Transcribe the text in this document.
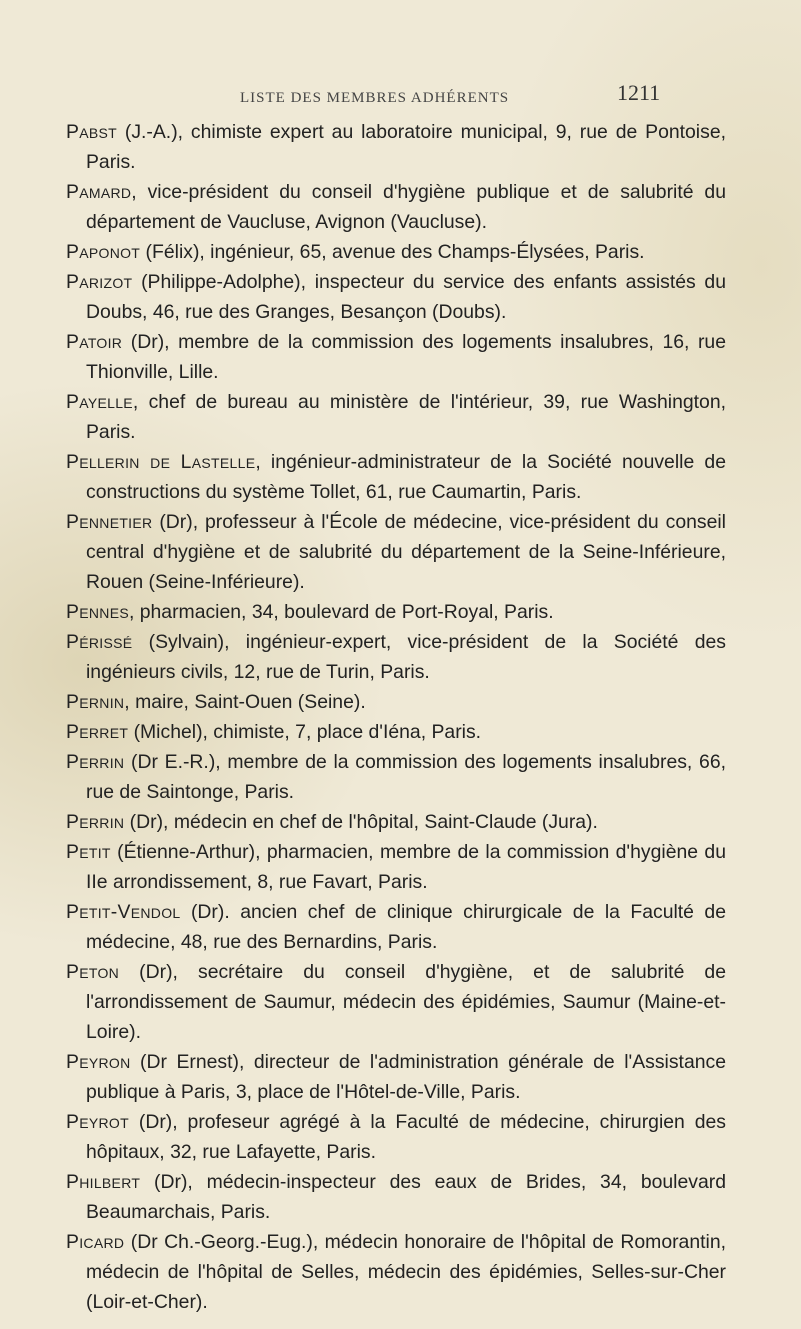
LISTE DES MEMBRES ADHÉRENTS	1211

Pabst (J.-A.), chimiste expert au laboratoire municipal, 9, rue de Pontoise, Paris.

Pamard, vice-président du conseil d'hygiène publique et de salubrité du département de Vaucluse, Avignon (Vaucluse).

Paponot (Félix), ingénieur, 65, avenue des Champs-Élysées, Paris.

Parizot (Philippe-Adolphe), inspecteur du service des enfants assistés du Doubs, 46, rue des Granges, Besançon (Doubs).

Patoir (Dr), membre de la commission des logements insalubres, 16, rue Thionville, Lille.

Payelle, chef de bureau au ministère de l'intérieur, 39, rue Washington, Paris.

Pellerin de Lastelle, ingénieur-administrateur de la Société nouvelle de constructions du système Tollet, 61, rue Caumartin, Paris.

Pennetier (Dr), professeur à l'École de médecine, vice-président du conseil central d'hygiène et de salubrité du département de la Seine-Inférieure, Rouen (Seine-Inférieure).

Pennes, pharmacien, 34, boulevard de Port-Royal, Paris.

Périssé (Sylvain), ingénieur-expert, vice-président de la Société des ingénieurs civils, 12, rue de Turin, Paris.

Pernin, maire, Saint-Ouen (Seine).

Perret (Michel), chimiste, 7, place d'Iéna, Paris.

Perrin (Dr E.-R.), membre de la commission des logements insalubres, 66, rue de Saintonge, Paris.

Perrin (Dr), médecin en chef de l'hôpital, Saint-Claude (Jura).

Petit (Étienne-Arthur), pharmacien, membre de la commission d'hygiène du IIe arrondissement, 8, rue Favart, Paris.

Petit-Vendol (Dr). ancien chef de clinique chirurgicale de la Faculté de médecine, 48, rue des Bernardins, Paris.

Peton (Dr), secrétaire du conseil d'hygiène, et de salubrité de l'arrondissement de Saumur, médecin des épidémies, Saumur (Maine-et-Loire).

Peyron (Dr Ernest), directeur de l'administration générale de l'Assistance publique à Paris, 3, place de l'Hôtel-de-Ville, Paris.

Peyrot (Dr), profeseur agrégé à la Faculté de médecine, chirurgien des hôpitaux, 32, rue Lafayette, Paris.

Philbert (Dr), médecin-inspecteur des eaux de Brides, 34, boulevard Beaumarchais, Paris.

Picard (Dr Ch.-Georg.-Eug.), médecin honoraire de l'hôpital de Romorantin, médecin de l'hôpital de Selles, médecin des épidémies, Selles-sur-Cher (Loir-et-Cher).
